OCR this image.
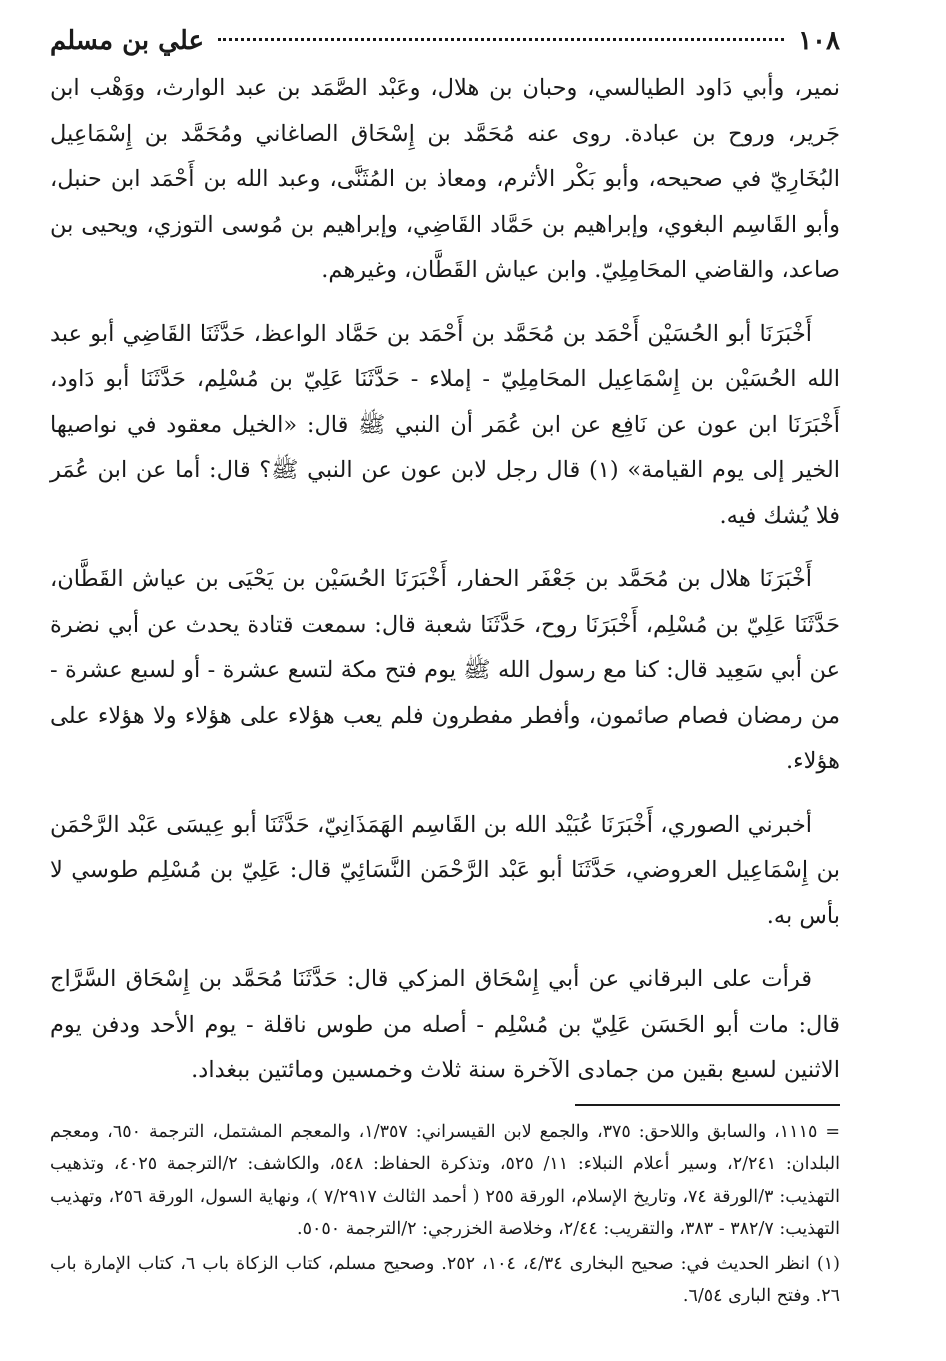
١٠٨
علي بن مسلم

نمير، وأبي دَاود الطيالسي، وحبان بن هلال، وعَبْد الصَّمَد بن عبد الوارث، ووَهْب ابن جَرير، وروح بن عبادة. روى عنه مُحَمَّد بن إِسْحَاق الصاغاني ومُحَمَّد بن إِسْمَاعِيل البُخَارِيّ في صحيحه، وأبو بَكْر الأثرم، ومعاذ بن المُثَنَّى، وعبد الله بن أَحْمَد ابن حنبل، وأبو القَاسِم البغوي، وإبراهيم بن حَمَّاد القَاضِي، وإبراهيم بن مُوسى التوزي، ويحيى بن صاعد، والقاضي المحَامِلِيّ. وابن عياش القَطَّان، وغيرهم.

أَخْبَرَنَا أبو الحُسَيْن أَحْمَد بن مُحَمَّد بن أَحْمَد بن حَمَّاد الواعظ، حَدَّثَنَا القَاضِي أبو عبد الله الحُسَيْن بن إِسْمَاعِيل المحَامِلِيّ - إملاء - حَدَّثَنَا عَلِيّ بن مُسْلِم، حَدَّثَنَا أبو دَاود، أَخْبَرَنَا ابن عون عن نَافِع عن ابن عُمَر أن النبي ﷺ قال: «الخيل معقود في نواصيها الخير إلى يوم القيامة» (١) قال رجل لابن عون عن النبي ﷺ؟ قال: أما عن ابن عُمَر فلا يُشك فيه.

أَخْبَرَنَا هلال بن مُحَمَّد بن جَعْفَر الحفار، أَخْبَرَنَا الحُسَيْن بن يَحْيَى بن عياش القَطَّان، حَدَّثَنَا عَلِيّ بن مُسْلِم، أَخْبَرَنَا روح، حَدَّثَنَا شعبة قال: سمعت قتادة يحدث عن أبي نضرة عن أبي سَعِيد قال: كنا مع رسول الله ﷺ يوم فتح مكة لتسع عشرة - أو لسبع عشرة - من رمضان فصام صائمون، وأفطر مفطرون فلم يعب هؤلاء على هؤلاء ولا هؤلاء على هؤلاء.

أخبرني الصوري، أَخْبَرَنَا عُبَيْد الله بن القَاسِم الهَمَذَانِيّ، حَدَّثَنَا أبو عِيسَى عَبْد الرَّحْمَن بن إِسْمَاعِيل العروضي، حَدَّثَنَا أبو عَبْد الرَّحْمَن النَّسَائِيّ قال: عَلِيّ بن مُسْلِم طوسي لا بأس به.

قرأت على البرقاني عن أبي إِسْحَاق المزكي قال: حَدَّثَنَا مُحَمَّد بن إِسْحَاق السَّرَّاج قال: مات أبو الحَسَن عَلِيّ بن مُسْلِم - أصله من طوس ناقلة - يوم الأحد ودفن يوم الاثنين لسبع بقين من جمادى الآخرة سنة ثلاث وخمسين ومائتين ببغداد.

= ١١١٥، والسابق واللاحق: ٣٧٥، والجمع لابن القيسراني: ١/٣٥٧، والمعجم المشتمل، الترجمة ٦٥٠، ومعجم البلدان: ٢/٢٤١، وسير أعلام النبلاء: ١١/ ٥٢٥، وتذكرة الحفاظ: ٥٤٨، والكاشف: ٢/الترجمة ٤٠٢٥، وتذهيب التهذيب: ٣/الورقة ٧٤، وتاريخ الإسلام، الورقة ٢٥٥ ( أحمد الثالث ٧/٢٩١٧ )، ونهاية السول، الورقة ٢٥٦، وتهذيب التهذيب: ٣٨٢/٧ - ٣٨٣، والتقريب: ٢/٤٤، وخلاصة الخزرجي: ٢/الترجمة ٥٠٥٠.

(١) انظر الحديث في: صحيح البخارى ٤/٣٤، ١٠٤، ٢٥٢. وصحيح مسلم، كتاب الزكاة باب ٦، كتاب الإمارة باب ٢٦. وفتح البارى ٦/٥٤.
